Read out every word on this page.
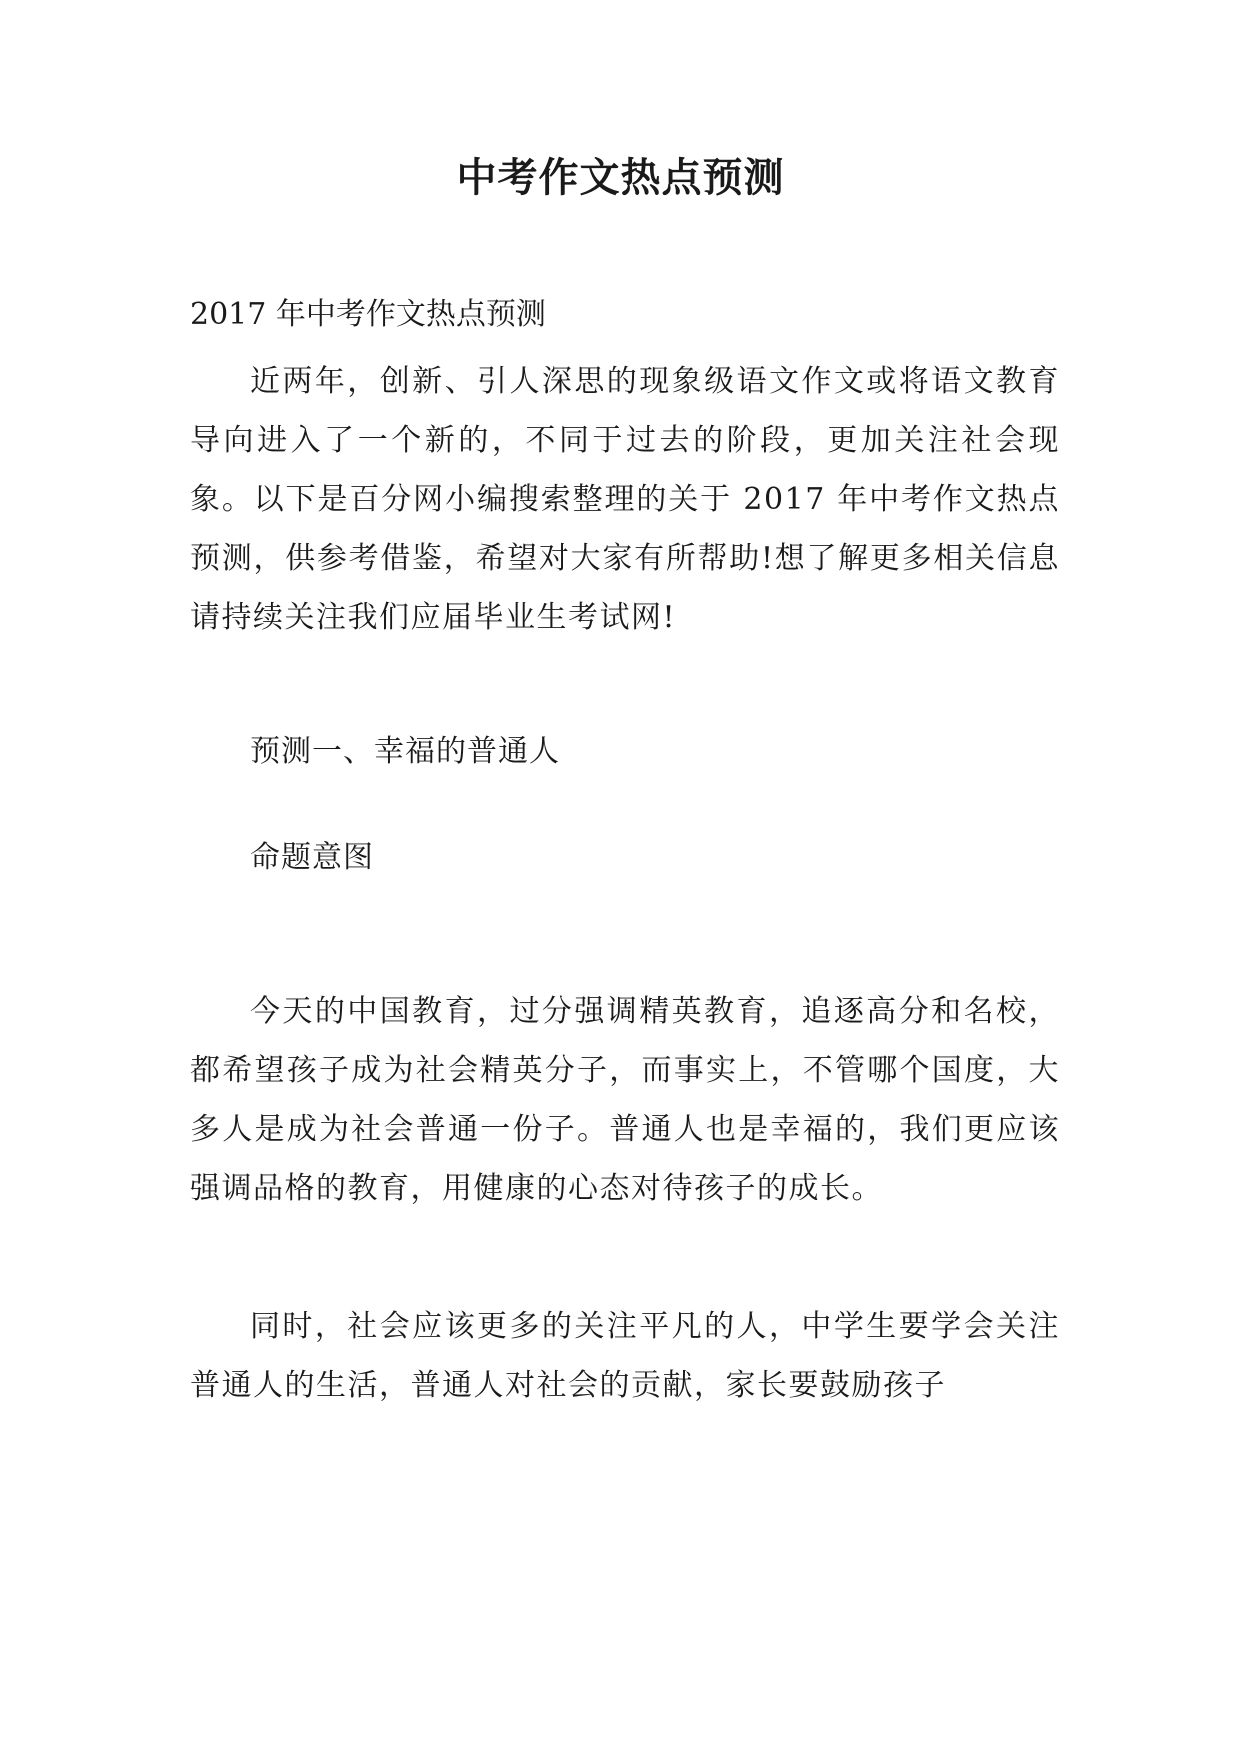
中考作文热点预测
2017 年中考作文热点预测

近两年，创新、引人深思的现象级语文作文或将语文教育导向进入了一个新的，不同于过去的阶段，更加关注社会现象。以下是百分网小编搜索整理的关于 2017 年中考作文热点预测，供参考借鉴，希望对大家有所帮助!想了解更多相关信息请持续关注我们应届毕业生考试网!

预测一、幸福的普通人
命题意图

今天的中国教育，过分强调精英教育，追逐高分和名校，都希望孩子成为社会精英分子，而事实上，不管哪个国度，大多人是成为社会普通一份子。普通人也是幸福的，我们更应该强调品格的教育，用健康的心态对待孩子的成长。

同时，社会应该更多的关注平凡的人，中学生要学会关注普通人的生活，普通人对社会的贡献，家长要鼓励孩子
